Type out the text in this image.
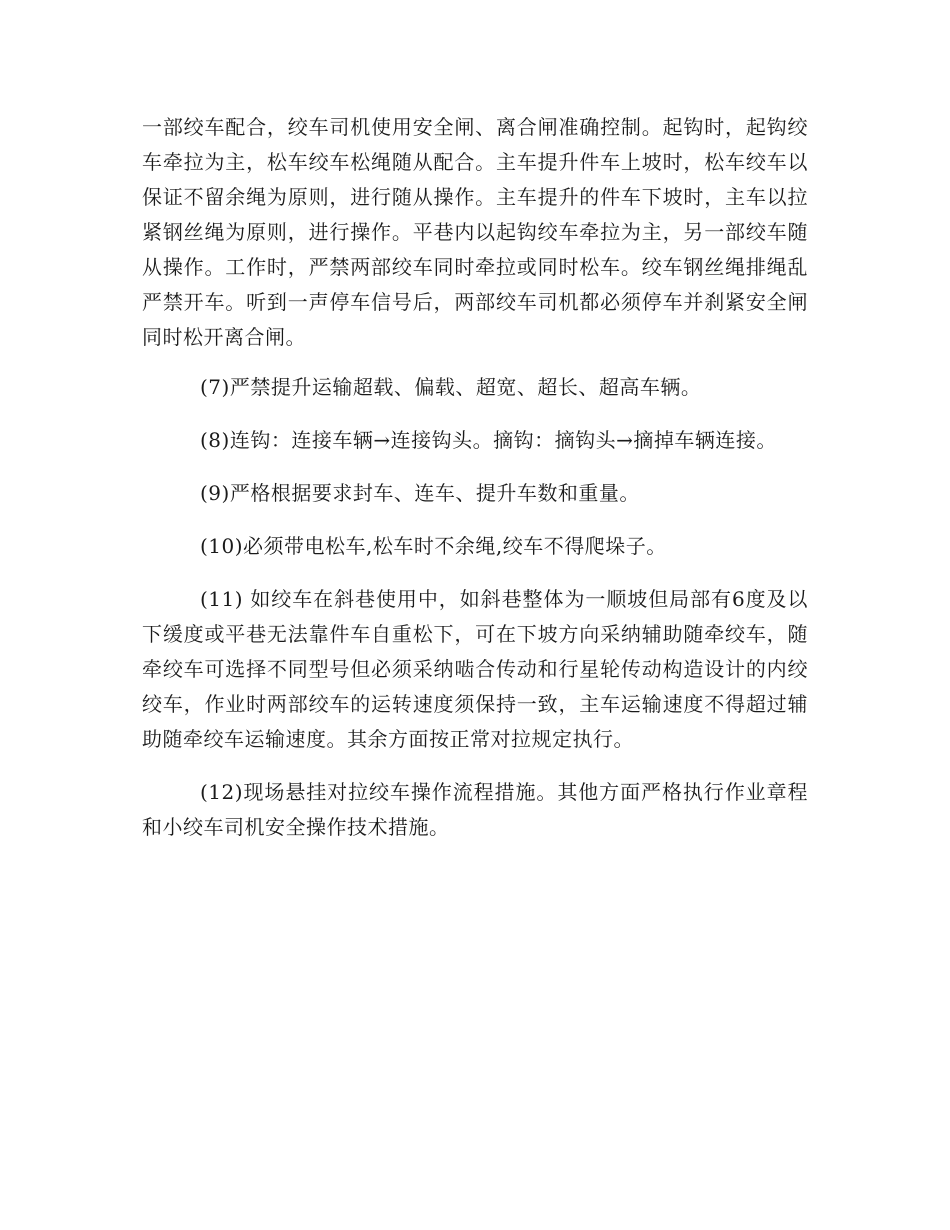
一部绞车配合，绞车司机使用安全闸、离合闸准确控制。起钩时，起钩绞车牵拉为主，松车绞车松绳随从配合。主车提升件车上坡时，松车绞车以保证不留余绳为原则，进行随从操作。主车提升的件车下坡时，主车以拉紧钢丝绳为原则，进行操作。平巷内以起钩绞车牵拉为主，另一部绞车随从操作。工作时，严禁两部绞车同时牵拉或同时松车。绞车钢丝绳排绳乱严禁开车。听到一声停车信号后，两部绞车司机都必须停车并刹紧安全闸同时松开离合闸。

(7)严禁提升运输超载、偏载、超宽、超长、超高车辆。

(8)连钩：连接车辆→连接钩头。摘钩：摘钩头→摘掉车辆连接。

(9)严格根据要求封车、连车、提升车数和重量。

(10)必须带电松车,松车时不余绳,绞车不得爬垛子。

(11) 如绞车在斜巷使用中，如斜巷整体为一顺坡但局部有6度及以下缓度或平巷无法靠件车自重松下，可在下坡方向采纳辅助随牵绞车，随牵绞车可选择不同型号但必须采纳啮合传动和行星轮传动构造设计的内绞绞车，作业时两部绞车的运转速度须保持一致，主车运输速度不得超过辅助随牵绞车运输速度。其余方面按正常对拉规定执行。

(12)现场悬挂对拉绞车操作流程措施。其他方面严格执行作业章程和小绞车司机安全操作技术措施。
